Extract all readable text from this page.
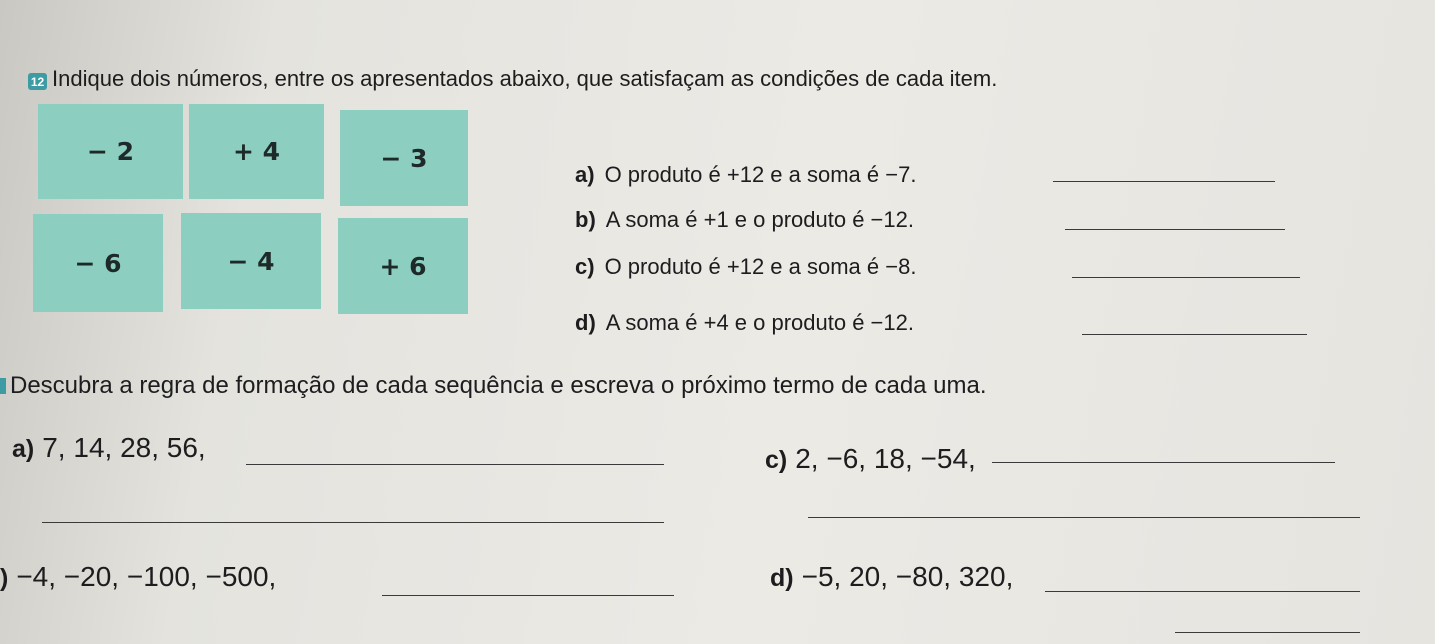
12 Indique dois números, entre os apresentados abaixo, que satisfaçam as condições de cada item.
− 2	+ 4	− 3
− 6	− 4	+ 6
a) O produto é +12 e a soma é −7.
b) A soma é +1 e o produto é −12.
c) O produto é +12 e a soma é −8.
d) A soma é +4 e o produto é −12.
Descubra a regra de formação de cada sequência e escreva o próximo termo de cada uma.
a) 7, 14, 28, 56,	c) 2, −6, 18, −54,
) −4, −20, −100, −500,	d) −5, 20, −80, 320,
